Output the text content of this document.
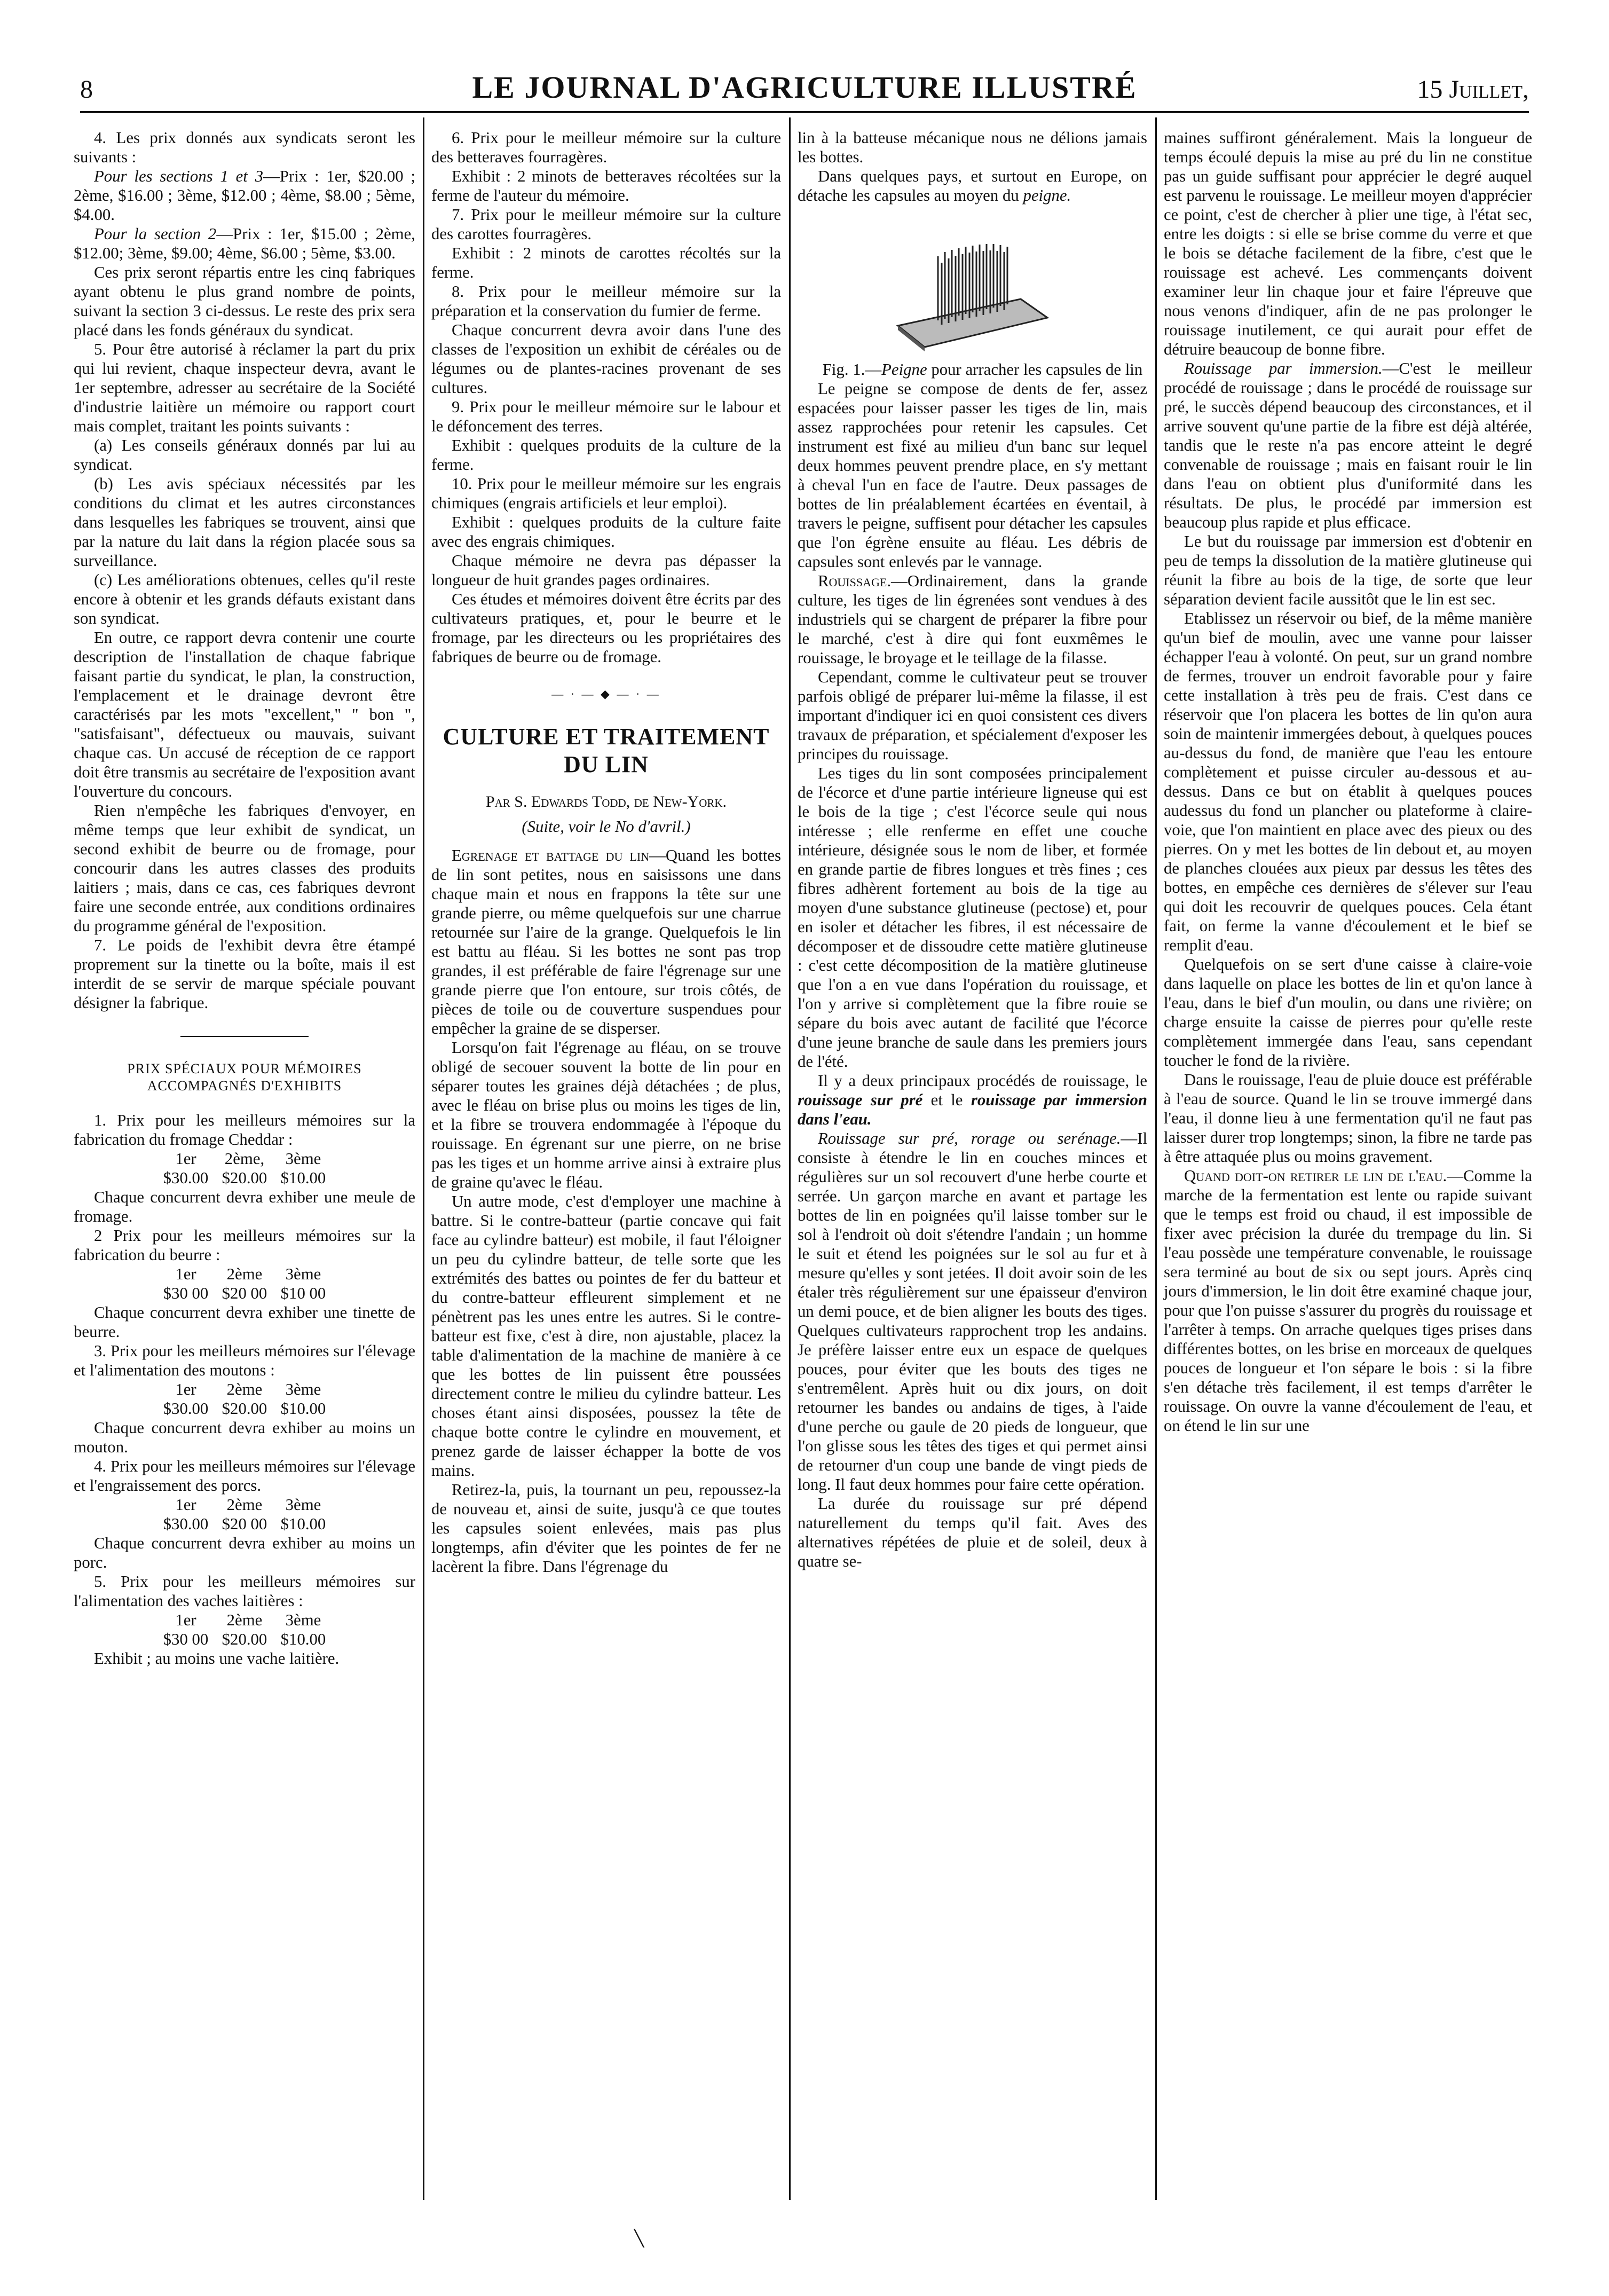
8	LE JOURNAL D'AGRICULTURE ILLUSTRÉ	15 Juillet,

4. Les prix donnés aux syndicats seront les suivants :

Pour les sections 1 et 3—Prix : 1er, $20.00 ; 2ème, $16.00 ; 3ème, $12.00 ; 4ème, $8.00 ; 5ème, $4.00.

Pour la section 2—Prix : 1er, $15.00 ; 2ème, $12.00; 3ème, $9.00; 4ème, $6.00 ; 5ème, $3.00.

Ces prix seront répartis entre les cinq fabriques ayant obtenu le plus grand nombre de points, suivant la section 3 ci-dessus. Le reste des prix sera placé dans les fonds généraux du syndicat.

5. Pour être autorisé à réclamer la part du prix qui lui revient, chaque inspecteur devra, avant le 1er septembre, adresser au secrétaire de la Société d'industrie laitière un mémoire ou rapport court mais complet, traitant les points suivants :

(a) Les conseils généraux donnés par lui au syndicat.

(b) Les avis spéciaux nécessités par les conditions du climat et les autres circonstances dans lesquelles les fabriques se trouvent, ainsi que par la nature du lait dans la région placée sous sa surveillance.

(c) Les améliorations obtenues, celles qu'il reste encore à obtenir et les grands défauts existant dans son syndicat.

En outre, ce rapport devra contenir une courte description de l'installation de chaque fabrique faisant partie du syndicat, le plan, la construction, l'emplacement et le drainage devront être caractérisés par les mots "excellent," " bon ", "satisfaisant", défectueux ou mauvais, suivant chaque cas. Un accusé de réception de ce rapport doit être transmis au secrétaire de l'exposition avant l'ouverture du concours.

Rien n'empêche les fabriques d'envoyer, en même temps que leur exhibit de syndicat, un second exhibit de beurre ou de fromage, pour concourir dans les autres classes des produits laitiers ; mais, dans ce cas, ces fabriques devront faire une seconde entrée, aux conditions ordinaires du programme général de l'exposition.

7. Le poids de l'exhibit devra être étampé proprement sur la tinette ou la boîte, mais il est interdit de se servir de marque spéciale pouvant désigner la fabrique.

PRIX SPÉCIAUX POUR MÉMOIRES ACCOMPAGNÉS D'EXHIBITS

1. Prix pour les meilleurs mémoires sur la fabrication du fromage Cheddar :

1er	2ème,	3ème
$30.00 $20.00 $10.00

Chaque concurrent devra exhiber une meule de fromage.

2 Prix pour les meilleurs mémoires sur la fabrication du beurre :

1er	2ème	3ème
$30 00 $20 00 $10 00

Chaque concurrent devra exhiber une tinette de beurre.

3. Prix pour les meilleurs mémoires sur l'élevage et l'alimentation des moutons :

1er	2ème	3ème
$30.00 $20.00 $10.00

Chaque concurrent devra exhiber au moins un mouton.

4. Prix pour les meilleurs mémoires sur l'élevage et l'engraissement des porcs.

1er	2ème	3ème
$30.00 $20 00 $10.00

Chaque concurrent devra exhiber au moins un porc.

5. Prix pour les meilleurs mémoires sur l'alimentation des vaches laitières :

1er	2ème	3ème
$30 00 $20.00 $10.00

Exhibit ; au moins une vache laitière.

6. Prix pour le meilleur mémoire sur la culture des betteraves fourragères.

Exhibit : 2 minots de betteraves récoltées sur la ferme de l'auteur du mémoire.

7. Prix pour le meilleur mémoire sur la culture des carottes fourragères.

Exhibit : 2 minots de carottes récoltés sur la ferme.

8. Prix pour le meilleur mémoire sur la préparation et la conservation du fumier de ferme.

Chaque concurrent devra avoir dans l'une des classes de l'exposition un exhibit de céréales ou de légumes ou de plantes-racines provenant de ses cultures.

9. Prix pour le meilleur mémoire sur le labour et le défoncement des terres.

Exhibit : quelques produits de la culture de la ferme.

10. Prix pour le meilleur mémoire sur les engrais chimiques (engrais artificiels et leur emploi).

Exhibit : quelques produits de la culture faite avec des engrais chimiques.

Chaque mémoire ne devra pas dépasser la longueur de huit grandes pages ordinaires.

Ces études et mémoires doivent être écrits par des cultivateurs pratiques, et, pour le beurre et le fromage, par les directeurs ou les propriétaires des fabriques de beurre ou de fromage.

— · — ◆ — · —
CULTURE ET TRAITEMENT DU LIN
Par S. Edwards Todd, de New-York.
(Suite, voir le No d'avril.)

Egrenage et battage du lin—Quand les bottes de lin sont petites, nous en saisissons une dans chaque main et nous en frappons la tête sur une grande pierre, ou même quelquefois sur une charrue retournée sur l'aire de la grange. Quelquefois le lin est battu au fléau. Si les bottes ne sont pas trop grandes, il est préférable de faire l'égrenage sur une grande pierre que l'on entoure, sur trois côtés, de pièces de toile ou de couverture suspendues pour empêcher la graine de se disperser.

Lorsqu'on fait l'égrenage au fléau, on se trouve obligé de secouer souvent la botte de lin pour en séparer toutes les graines déjà détachées ; de plus, avec le fléau on brise plus ou moins les tiges de lin, et la fibre se trouvera endommagée à l'époque du rouissage. En égrenant sur une pierre, on ne brise pas les tiges et un homme arrive ainsi à extraire plus de graine qu'avec le fléau.

Un autre mode, c'est d'employer une machine à battre. Si le contre-batteur (partie concave qui fait face au cylindre batteur) est mobile, il faut l'éloigner un peu du cylindre batteur, de telle sorte que les extrémités des battes ou pointes de fer du batteur et du contre-batteur effleurent simplement et ne pénètrent pas les unes entre les autres. Si le contre-batteur est fixe, c'est à dire, non ajustable, placez la table d'alimentation de la machine de manière à ce que les bottes de lin puissent être poussées directement contre le milieu du cylindre batteur. Les choses étant ainsi disposées, poussez la tête de chaque botte contre le cylindre en mouvement, et prenez garde de laisser échapper la botte de vos mains.

Retirez-la, puis, la tournant un peu, repoussez-la de nouveau et, ainsi de suite, jusqu'à ce que toutes les capsules soient enlevées, mais pas plus longtemps, afin d'éviter que les pointes de fer ne lacèrent la fibre. Dans l'égrenage du

lin à la batteuse mécanique nous ne délions jamais les bottes.

Dans quelques pays, et surtout en Europe, on détache les capsules au moyen du peigne.

Fig. 1.—Peigne pour arracher les capsules de lin

Le peigne se compose de dents de fer, assez espacées pour laisser passer les tiges de lin, mais assez rapprochées pour retenir les capsules. Cet instrument est fixé au milieu d'un banc sur lequel deux hommes peuvent prendre place, en s'y mettant à cheval l'un en face de l'autre. Deux passages de bottes de lin préalablement écartées en éventail, à travers le peigne, suffisent pour détacher les capsules que l'on égrène ensuite au fléau. Les débris de capsules sont enlevés par le vannage.

Rouissage.—Ordinairement, dans la grande culture, les tiges de lin égrenées sont vendues à des industriels qui se chargent de préparer la fibre pour le marché, c'est à dire qui font euxmêmes le rouissage, le broyage et le teillage de la filasse.

Cependant, comme le cultivateur peut se trouver parfois obligé de préparer lui-même la filasse, il est important d'indiquer ici en quoi consistent ces divers travaux de préparation, et spécialement d'exposer les principes du rouissage.

Les tiges du lin sont composées principalement de l'écorce et d'une partie intérieure ligneuse qui est le bois de la tige ; c'est l'écorce seule qui nous intéresse ; elle renferme en effet une couche intérieure, désignée sous le nom de liber, et formée en grande partie de fibres longues et très fines ; ces fibres adhèrent fortement au bois de la tige au moyen d'une substance glutineuse (pectose) et, pour en isoler et détacher les fibres, il est nécessaire de décomposer et de dissoudre cette matière glutineuse : c'est cette décomposition de la matière glutineuse que l'on a en vue dans l'opération du rouissage, et l'on y arrive si complètement que la fibre rouie se sépare du bois avec autant de facilité que l'écorce d'une jeune branche de saule dans les premiers jours de l'été.

Il y a deux principaux procédés de rouissage, le rouissage sur pré et le rouissage par immersion dans l'eau.

Rouissage sur pré, rorage ou serénage.—Il consiste à étendre le lin en couches minces et régulières sur un sol recouvert d'une herbe courte et serrée. Un garçon marche en avant et partage les bottes de lin en poignées qu'il laisse tomber sur le sol à l'endroit où doit s'étendre l'andain ; un homme le suit et étend les poignées sur le sol au fur et à mesure qu'elles y sont jetées. Il doit avoir soin de les étaler très régulièrement sur une épaisseur d'environ un demi pouce, et de bien aligner les bouts des tiges. Quelques cultivateurs rapprochent trop les andains. Je préfère laisser entre eux un espace de quelques pouces, pour éviter que les bouts des tiges ne s'entremêlent. Après huit ou dix jours, on doit retourner les bandes ou andains de tiges, à l'aide d'une perche ou gaule de 20 pieds de longueur, que l'on glisse sous les têtes des tiges et qui permet ainsi de retourner d'un coup une bande de vingt pieds de long. Il faut deux hommes pour faire cette opération.

La durée du rouissage sur pré dépend naturellement du temps qu'il fait. Aves des alternatives répétées de pluie et de soleil, deux à quatre se-

maines suffiront généralement. Mais la longueur de temps écoulé depuis la mise au pré du lin ne constitue pas un guide suffisant pour apprécier le degré auquel est parvenu le rouissage. Le meilleur moyen d'apprécier ce point, c'est de chercher à plier une tige, à l'état sec, entre les doigts : si elle se brise comme du verre et que le bois se détache facilement de la fibre, c'est que le rouissage est achevé. Les commençants doivent examiner leur lin chaque jour et faire l'épreuve que nous venons d'indiquer, afin de ne pas prolonger le rouissage inutilement, ce qui aurait pour effet de détruire beaucoup de bonne fibre.

Rouissage par immersion.—C'est le meilleur procédé de rouissage ; dans le procédé de rouissage sur pré, le succès dépend beaucoup des circonstances, et il arrive souvent qu'une partie de la fibre est déjà altérée, tandis que le reste n'a pas encore atteint le degré convenable de rouissage ; mais en faisant rouir le lin dans l'eau on obtient plus d'uniformité dans les résultats. De plus, le procédé par immersion est beaucoup plus rapide et plus efficace.

Le but du rouissage par immersion est d'obtenir en peu de temps la dissolution de la matière glutineuse qui réunit la fibre au bois de la tige, de sorte que leur séparation devient facile aussitôt que le lin est sec.

Etablissez un réservoir ou bief, de la même manière qu'un bief de moulin, avec une vanne pour laisser échapper l'eau à volonté. On peut, sur un grand nombre de fermes, trouver un endroit favorable pour y faire cette installation à très peu de frais. C'est dans ce réservoir que l'on placera les bottes de lin qu'on aura soin de maintenir immergées debout, à quelques pouces au-dessus du fond, de manière que l'eau les entoure complètement et puisse circuler au-dessous et au-dessus. Dans ce but on établit à quelques pouces audessus du fond un plancher ou plateforme à claire-voie, que l'on maintient en place avec des pieux ou des pierres. On y met les bottes de lin debout et, au moyen de planches clouées aux pieux par dessus les têtes des bottes, en empêche ces dernières de s'élever sur l'eau qui doit les recouvrir de quelques pouces. Cela étant fait, on ferme la vanne d'écoulement et le bief se remplit d'eau.

Quelquefois on se sert d'une caisse à claire-voie dans laquelle on place les bottes de lin et qu'on lance à l'eau, dans le bief d'un moulin, ou dans une rivière; on charge ensuite la caisse de pierres pour qu'elle reste complètement immergée dans l'eau, sans cependant toucher le fond de la rivière.

Dans le rouissage, l'eau de pluie douce est préférable à l'eau de source. Quand le lin se trouve immergé dans l'eau, il donne lieu à une fermentation qu'il ne faut pas laisser durer trop longtemps; sinon, la fibre ne tarde pas à être attaquée plus ou moins gravement.

Quand doit-on retirer le lin de l'eau.—Comme la marche de la fermentation est lente ou rapide suivant que le temps est froid ou chaud, il est impossible de fixer avec précision la durée du trempage du lin. Si l'eau possède une température convenable, le rouissage sera terminé au bout de six ou sept jours. Après cinq jours d'immersion, le lin doit être examiné chaque jour, pour que l'on puisse s'assurer du progrès du rouissage et l'arrêter à temps. On arrache quelques tiges prises dans différentes bottes, on les brise en morceaux de quelques pouces de longueur et l'on sépare le bois : si la fibre s'en détache très facilement, il est temps d'arrêter le rouissage. On ouvre la vanne d'écoulement de l'eau, et on étend le lin sur une

╲
